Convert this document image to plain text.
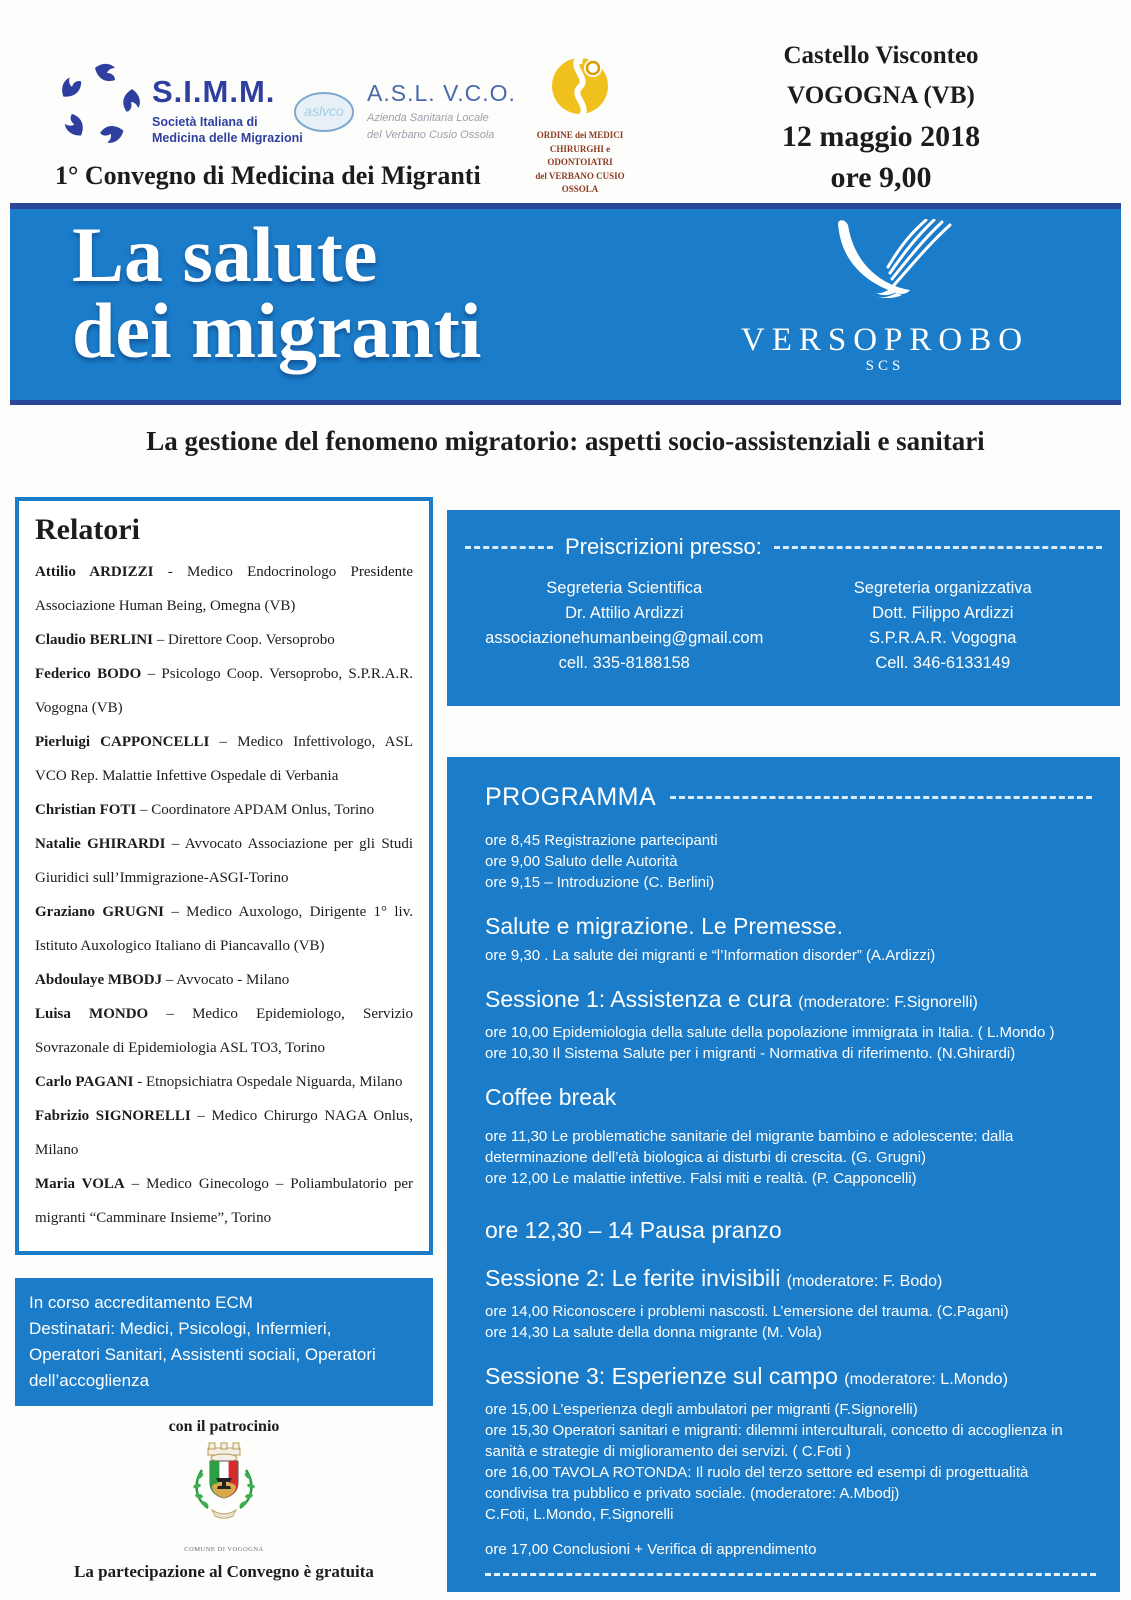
S.I.M.M.
Società Italiana di
Medicina delle Migrazioni
aslvco
A.S.L. V.C.O.
Azienda Sanitaria Locale
del Verbano Cusio Ossola	ORDINE dei MEDICI
CHIRURGHI e ODONTOIATRI
del VERBANO CUSIO OSSOLA
Castello Visconteo
VOGOGNA (VB)
12 maggio 2018
ore 9,00
1° Convegno di Medicina dei Migranti
La salute
dei migranti	VERSOPROBO
SCS
La gestione del fenomeno migratorio: aspetti socio-assistenziali e sanitari
Relatori

Attilio ARDIZZI - Medico Endocrinologo Presidente Associazione Human Being, Omegna (VB)

Claudio BERLINI – Direttore Coop. Versoprobo

Federico BODO – Psicologo Coop. Versoprobo, S.P.R.A.R. Vogogna (VB)

Pierluigi CAPPONCELLI – Medico Infettivologo, ASL VCO Rep. Malattie Infettive Ospedale di Verbania

Christian FOTI – Coordinatore APDAM Onlus, Torino

Natalie GHIRARDI – Avvocato Associazione per gli Studi Giuridici sull’Immigrazione-ASGI-Torino

Graziano GRUGNI – Medico Auxologo, Dirigente 1° liv. Istituto Auxologico Italiano di Piancavallo (VB)

Abdoulaye MBODJ – Avvocato - Milano

Luisa MONDO – Medico Epidemiologo, Servizio Sovrazonale di Epidemiologia ASL TO3, Torino

Carlo PAGANI - Etnopsichiatra Ospedale Niguarda, Milano

Fabrizio SIGNORELLI – Medico Chirurgo NAGA Onlus, Milano

Maria VOLA – Medico Ginecologo – Poliambulatorio per migranti “Camminare Insieme”, Torino

In corso accreditamento ECM
Destinatari: Medici, Psicologi, Infermieri,
Operatori Sanitari, Assistenti sociali, Operatori
dell’accoglienza
con il patrocinio
COMUNE DI VOGOGNA
La partecipazione al Convegno è gratuita
Preiscrizioni presso:
Segreteria Scientifica
Dr. Attilio Ardizzi
associazionehumanbeing@gmail.com
cell. 335-8188158
Segreteria organizzativa
Dott. Filippo Ardizzi
S.P.R.A.R. Vogogna
Cell. 346-6133149
PROGRAMMA
ore 8,45 Registrazione partecipanti
ore 9,00 Saluto delle Autorità
ore 9,15 – Introduzione (C. Berlini)
Salute e migrazione. Le Premesse.
ore 9,30 . La salute dei migranti e “l’Information disorder” (A.Ardizzi)
Sessione 1: Assistenza e cura (moderatore: F.Signorelli)
ore 10,00 Epidemiologia della salute della popolazione immigrata in Italia. ( L.Mondo )
ore 10,30 Il Sistema Salute per i migranti - Normativa di riferimento. (N.Ghirardi)
Coffee break
ore 11,30 Le problematiche sanitarie del migrante bambino e adolescente: dalla determinazione dell’età biologica ai disturbi di crescita. (G. Grugni)
ore 12,00 Le malattie infettive. Falsi miti e realtà. (P. Capponcelli)
ore 12,30 – 14 Pausa pranzo
Sessione 2: Le ferite invisibili (moderatore: F. Bodo)
ore 14,00 Riconoscere i problemi nascosti. L’emersione del trauma. (C.Pagani)
ore 14,30 La salute della donna migrante (M. Vola)
Sessione 3: Esperienze sul campo (moderatore: L.Mondo)
ore 15,00 L’esperienza degli ambulatori per migranti (F.Signorelli)
ore 15,30 Operatori sanitari e migranti: dilemmi interculturali, concetto di accoglienza in sanità e strategie di miglioramento dei servizi. ( C.Foti )
ore 16,00 TAVOLA ROTONDA: Il ruolo del terzo settore ed esempi di progettualità condivisa tra pubblico e privato sociale. (moderatore: A.Mbodj)
C.Foti, L.Mondo, F.Signorelli
ore 17,00 Conclusioni + Verifica di apprendimento
